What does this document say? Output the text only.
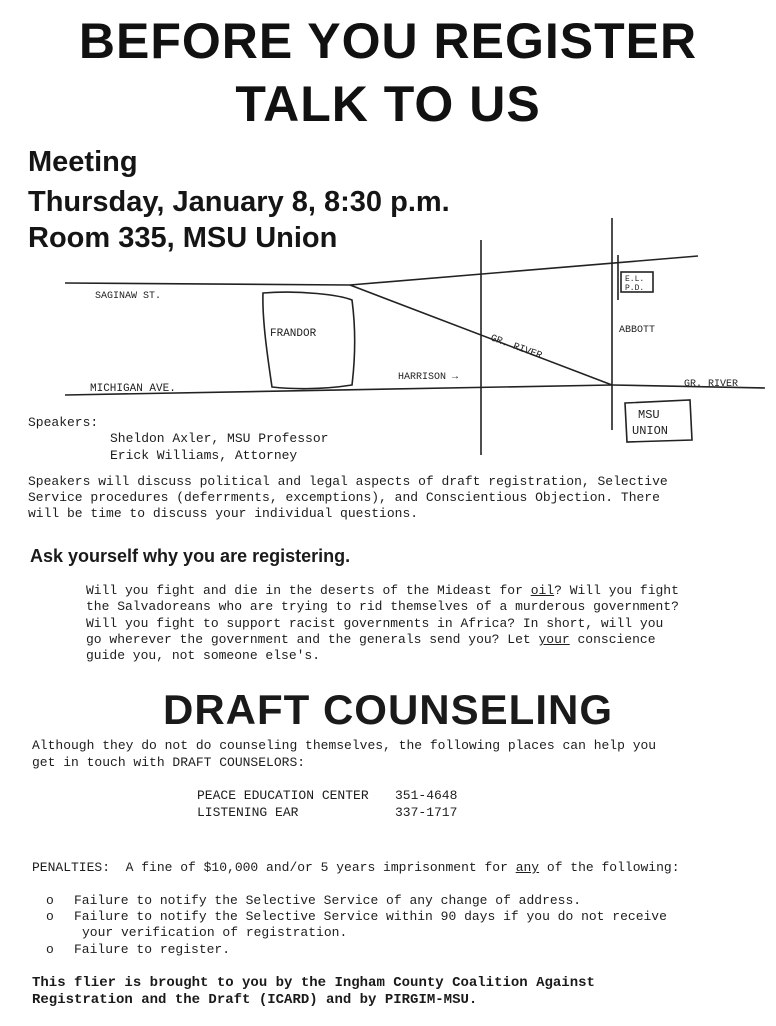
BEFORE YOU REGISTER
TALK TO US
Meeting
Thursday, January 8, 8:30 p.m.
Room 335, MSU Union
SAGINAW ST.
FRANDOR
MICHIGAN AVE.
HARRISON →
GR. RIVER
ABBOTT
GR. RIVER
E.L.
P.D.
MSU
UNION
Speakers:
Sheldon Axler, MSU Professor
Erick Williams, Attorney
Speakers will discuss political and legal aspects of draft registration, Selective
Service procedures (deferrments, excemptions), and Conscientious Objection. There
will be time to discuss your individual questions.
Ask yourself why you are registering.
Will you fight and die in the deserts of the Mideast for oil? Will you fight
the Salvadoreans who are trying to rid themselves of a murderous government?
Will you fight to support racist governments in Africa? In short, will you
go wherever the government and the generals send you? Let your conscience
guide you, not someone else's.
DRAFT COUNSELING
Although they do not do counseling themselves, the following places can help you
get in touch with DRAFT COUNSELORS:
PEACE EDUCATION CENTER 351-4648
LISTENING EAR	337-1717
PENALTIES:  A fine of $10,000 and/or 5 years imprisonment for any of the following:
o Failure to notify the Selective Service of any change of address.
o Failure to notify the Selective Service within 90 days if you do not receive
your verification of registration.
o Failure to register.
This flier is brought to you by the Ingham County Coalition Against
Registration and the Draft (ICARD) and by PIRGIM-MSU.
